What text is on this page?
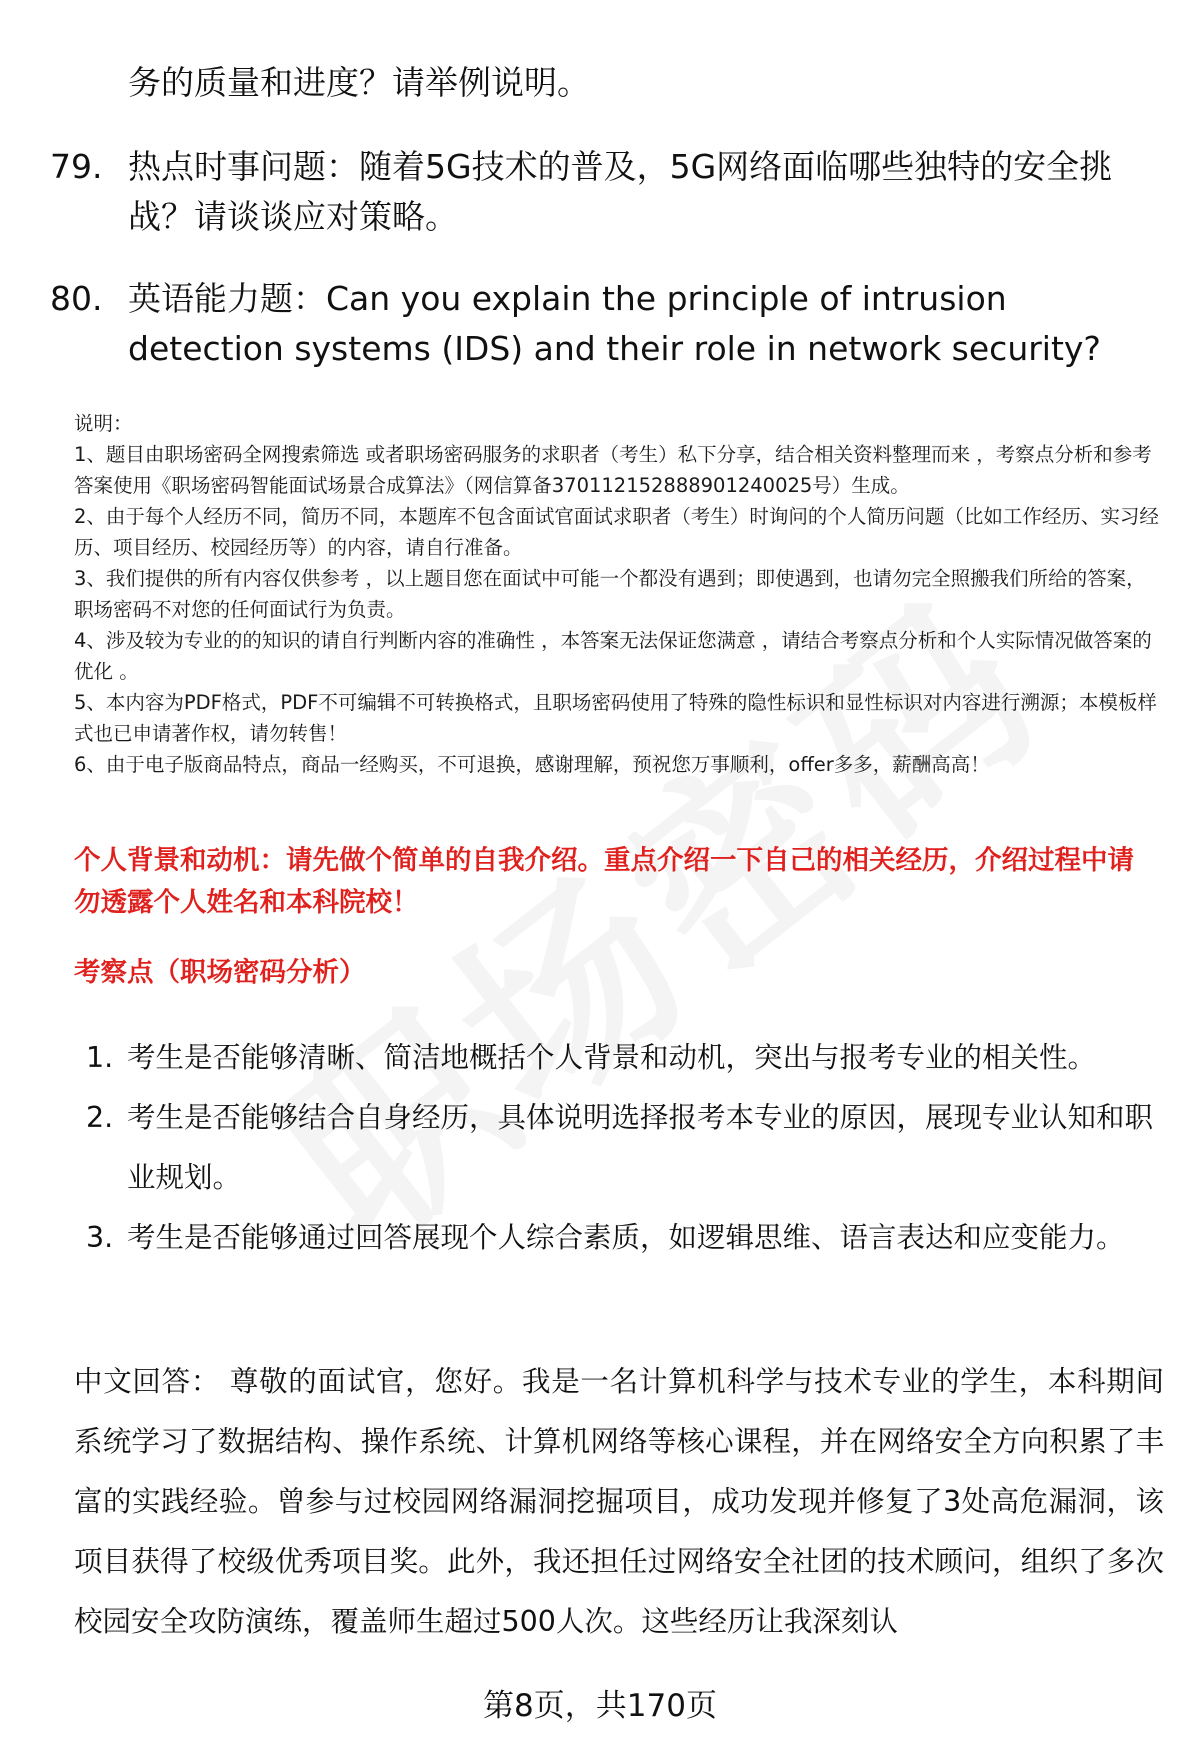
务的质量和进度？请举例说明。
79. 热点时事问题：随着5G技术的普及，5G网络面临哪些独特的安全挑战？请谈谈应对策略。
80. 英语能力题：Can you explain the principle of intrusion detection systems (IDS) and their role in network security?
说明：
1、题目由职场密码全网搜索筛选 或者职场密码服务的求职者（考生）私下分享，结合相关资料整理而来 ，考察点分析和参考答案使用《职场密码智能面试场景合成算法》（网信算备370112152888901240025号）生成。
2、由于每个人经历不同，简历不同，本题库不包含面试官面试求职者（考生）时询问的个人简历问题（比如工作经历、实习经历、项目经历、校园经历等）的内容，请自行准备。
3、我们提供的所有内容仅供参考 ，以上题目您在面试中可能一个都没有遇到；即使遇到，也请勿完全照搬我们所给的答案，职场密码不对您的任何面试行为负责。
4、涉及较为专业的的知识的请自行判断内容的准确性 ，本答案无法保证您满意 ，请结合考察点分析和个人实际情况做答案的优化 。
5、本内容为PDF格式，PDF不可编辑不可转换格式，且职场密码使用了特殊的隐性标识和显性标识对内容进行溯源；本模板样式也已申请著作权，请勿转售！
6、由于电子版商品特点，商品一经购买，不可退换，感谢理解，预祝您万事顺利，offer多多，薪酬高高！
个人背景和动机：请先做个简单的自我介绍。重点介绍一下自己的相关经历，介绍过程中请勿透露个人姓名和本科院校！
考察点（职场密码分析）
1. 考生是否能够清晰、简洁地概括个人背景和动机，突出与报考专业的相关性。
2. 考生是否能够结合自身经历，具体说明选择报考本专业的原因，展现专业认知和职业规划。
3. 考生是否能够通过回答展现个人综合素质，如逻辑思维、语言表达和应变能力。
中文回答： 尊敬的面试官，您好。我是一名计算机科学与技术专业的学生，本科期间系统学习了数据结构、操作系统、计算机网络等核心课程，并在网络安全方向积累了丰富的实践经验。曾参与过校园网络漏洞挖掘项目，成功发现并修复了3处高危漏洞，该项目获得了校级优秀项目奖。此外，我还担任过网络安全社团的技术顾问，组织了多次校园安全攻防演练，覆盖师生超过500人次。这些经历让我深刻认
第8页，共170页
